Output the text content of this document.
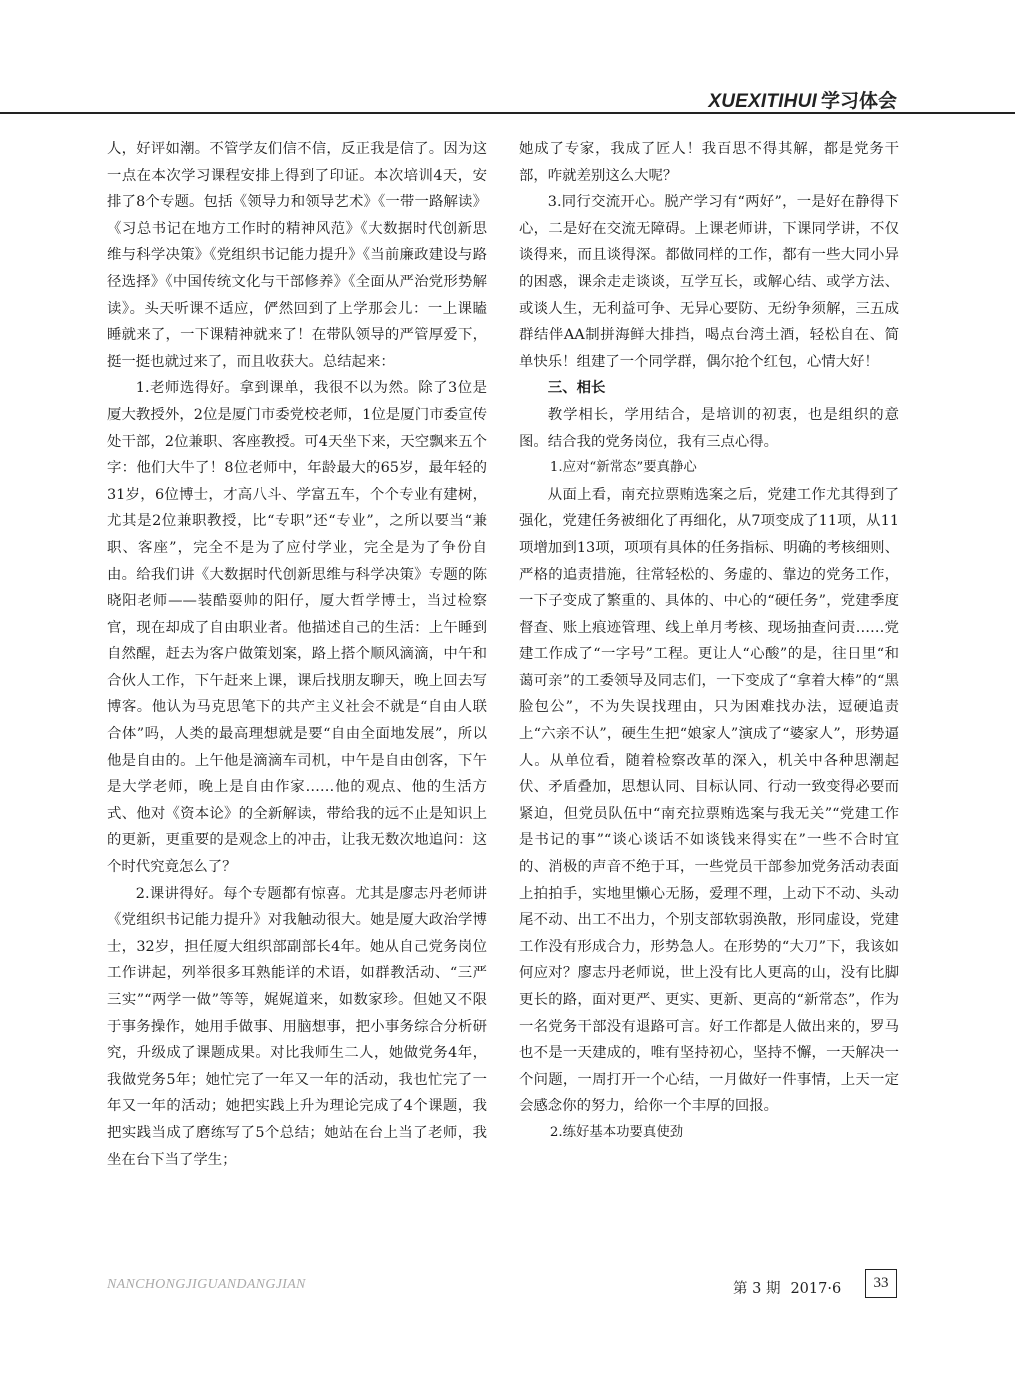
XUEXITIHUI 学习体会

人，好评如潮。不管学友们信不信，反正我是信了。因为这一点在本次学习课程安排上得到了印证。本次培训4天，安排了8个专题。包括《领导力和领导艺术》《一带一路解读》《习总书记在地方工作时的精神风范》《大数据时代创新思维与科学决策》《党组织书记能力提升》《当前廉政建设与路径选择》《中国传统文化与干部修养》《全面从严治党形势解读》。头天听课不适应，俨然回到了上学那会儿：一上课瞌睡就来了，一下课精神就来了！在带队领导的严管厚爱下，挺一挺也就过来了，而且收获大。总结起来：

1.老师选得好。拿到课单，我很不以为然。除了3位是厦大教授外，2位是厦门市委党校老师，1位是厦门市委宣传处干部，2位兼职、客座教授。可4天坐下来，天空飘来五个字：他们大牛了！8位老师中，年龄最大的65岁，最年轻的31岁，6位博士，才高八斗、学富五车，个个专业有建树，尤其是2位兼职教授，比“专职”还“专业”，之所以要当“兼职、客座”，完全不是为了应付学业，完全是为了争份自由。给我们讲《大数据时代创新思维与科学决策》专题的陈晓阳老师——装酷耍帅的阳仔，厦大哲学博士，当过检察官，现在却成了自由职业者。他描述自己的生活：上午睡到自然醒，赶去为客户做策划案，路上搭个顺风滴滴，中午和合伙人工作，下午赶来上课，课后找朋友聊天，晚上回去写博客。他认为马克思笔下的共产主义社会不就是“自由人联合体”吗，人类的最高理想就是要“自由全面地发展”，所以他是自由的。上午他是滴滴车司机，中午是自由创客，下午是大学老师，晚上是自由作家……他的观点、他的生活方式、他对《资本论》的全新解读，带给我的远不止是知识上的更新，更重要的是观念上的冲击，让我无数次地追问：这个时代究竟怎么了？

2.课讲得好。每个专题都有惊喜。尤其是廖志丹老师讲《党组织书记能力提升》对我触动很大。她是厦大政治学博士，32岁，担任厦大组织部副部长4年。她从自己党务岗位工作讲起，列举很多耳熟能详的术语，如群教活动、“三严三实”“两学一做”等等，娓娓道来，如数家珍。但她又不限于事务操作，她用手做事、用脑想事，把小事务综合分析研究，升级成了课题成果。对比我师生二人，她做党务4年，我做党务5年；她忙完了一年又一年的活动，我也忙完了一年又一年的活动；她把实践上升为理论完成了4个课题，我把实践当成了磨练写了5个总结；她站在台上当了老师，我坐在台下当了学生；

她成了专家，我成了匠人！我百思不得其解，都是党务干部，咋就差别这么大呢？

3.同行交流开心。脱产学习有“两好”，一是好在静得下心，二是好在交流无障碍。上课老师讲，下课同学讲，不仅谈得来，而且谈得深。都做同样的工作，都有一些大同小异的困惑，课余走走谈谈，互学互长，或解心结、或学方法、或谈人生，无利益可争、无异心要防、无纷争须解，三五成群结伴AA制拼海鲜大排挡，喝点台湾土酒，轻松自在、简单快乐！组建了一个同学群，偶尔抢个红包，心情大好！

三、相长

教学相长，学用结合，是培训的初衷，也是组织的意图。结合我的党务岗位，我有三点心得。

1.应对“新常态”要真静心

从面上看，南充拉票贿选案之后，党建工作尤其得到了强化，党建任务被细化了再细化，从7项变成了11项，从11项增加到13项，项项有具体的任务指标、明确的考核细则、严格的追责措施，往常轻松的、务虚的、靠边的党务工作，一下子变成了繁重的、具体的、中心的“硬任务”，党建季度督查、账上痕迹管理、线上单月考核、现场抽查问责……党建工作成了“一字号”工程。更让人“心酸”的是，往日里“和蔼可亲”的工委领导及同志们，一下变成了“拿着大棒”的“黑脸包公”，不为失误找理由，只为困难找办法，逗硬追责上“六亲不认”，硬生生把“娘家人”演成了“婆家人”，形势逼人。从单位看，随着检察改革的深入，机关中各种思潮起伏、矛盾叠加，思想认同、目标认同、行动一致变得必要而紧迫，但党员队伍中“南充拉票贿选案与我无关”“党建工作是书记的事”“谈心谈话不如谈钱来得实在”一些不合时宜的、消极的声音不绝于耳，一些党员干部参加党务活动表面上拍拍手，实地里懒心无肠，爱理不理，上动下不动、头动尾不动、出工不出力，个别支部软弱涣散，形同虚设，党建工作没有形成合力，形势急人。在形势的“大刀”下，我该如何应对？廖志丹老师说，世上没有比人更高的山，没有比脚更长的路，面对更严、更实、更新、更高的“新常态”，作为一名党务干部没有退路可言。好工作都是人做出来的，罗马也不是一天建成的，唯有坚持初心，坚持不懈，一天解决一个问题，一周打开一个心结，一月做好一件事情，上天一定会感念你的努力，给你一个丰厚的回报。

2.练好基本功要真使劲

NANCHONGJIGUANDANGJIAN	第 3 期 2017·6	33
